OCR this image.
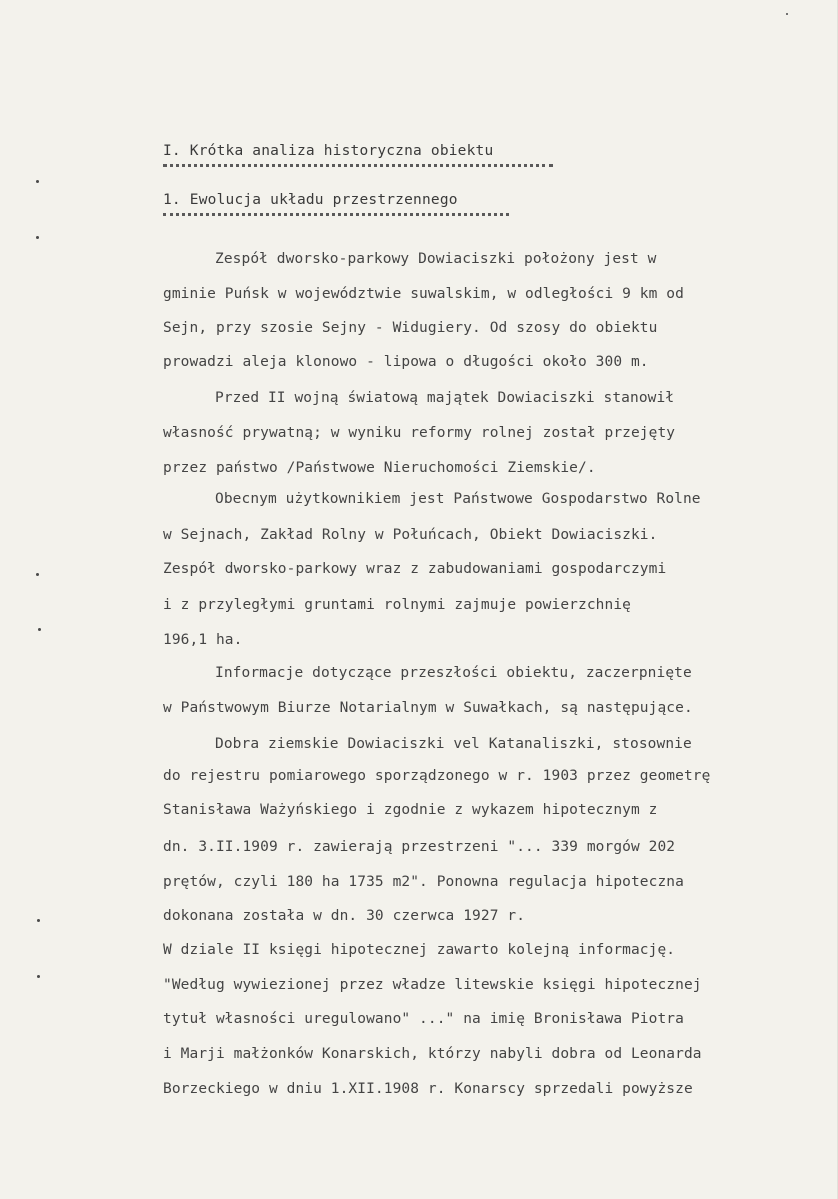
I. Krótka analiza historyczna obiektu
1. Ewolucja układu przestrzennego
Zespół dworsko-parkowy Dowiaciszki położony jest w
gminie Puńsk w województwie suwalskim, w odległości 9 km od
Sejn, przy szosie Sejny - Widugiery. Od szosy do obiektu
prowadzi aleja klonowo - lipowa o długości około 300 m.
Przed II wojną światową majątek Dowiaciszki stanowił
własność prywatną; w wyniku reformy rolnej został przejęty
przez państwo /Państwowe Nieruchomości Ziemskie/.
Obecnym użytkownikiem jest Państwowe Gospodarstwo Rolne
w Sejnach, Zakład Rolny w Połuńcach, Obiekt Dowiaciszki.
Zespół dworsko-parkowy wraz z zabudowaniami gospodarczymi
i z przyległymi gruntami rolnymi zajmuje powierzchnię
196,1 ha.
Informacje dotyczące przeszłości obiektu, zaczerpnięte
w Państwowym Biurze Notarialnym w Suwałkach, są następujące.
Dobra ziemskie Dowiaciszki vel Katanaliszki, stosownie
do rejestru pomiarowego sporządzonego w r. 1903 przez geometrę
Stanisława Ważyńskiego i zgodnie z wykazem hipotecznym z
dn. 3.II.1909 r. zawierają przestrzeni "... 339 morgów 202
prętów, czyli 180 ha 1735 m2". Ponowna regulacja hipoteczna
dokonana została w dn. 30 czerwca 1927 r.
W dziale II księgi hipotecznej zawarto kolejną informację.
"Według wywiezionej przez władze litewskie księgi hipotecznej
tytuł własności uregulowano" ..." na imię Bronisława Piotra
i Marji małżonków Konarskich, którzy nabyli dobra od Leonarda
Borzeckiego w dniu 1.XII.1908 r. Konarscy sprzedali powyższe
